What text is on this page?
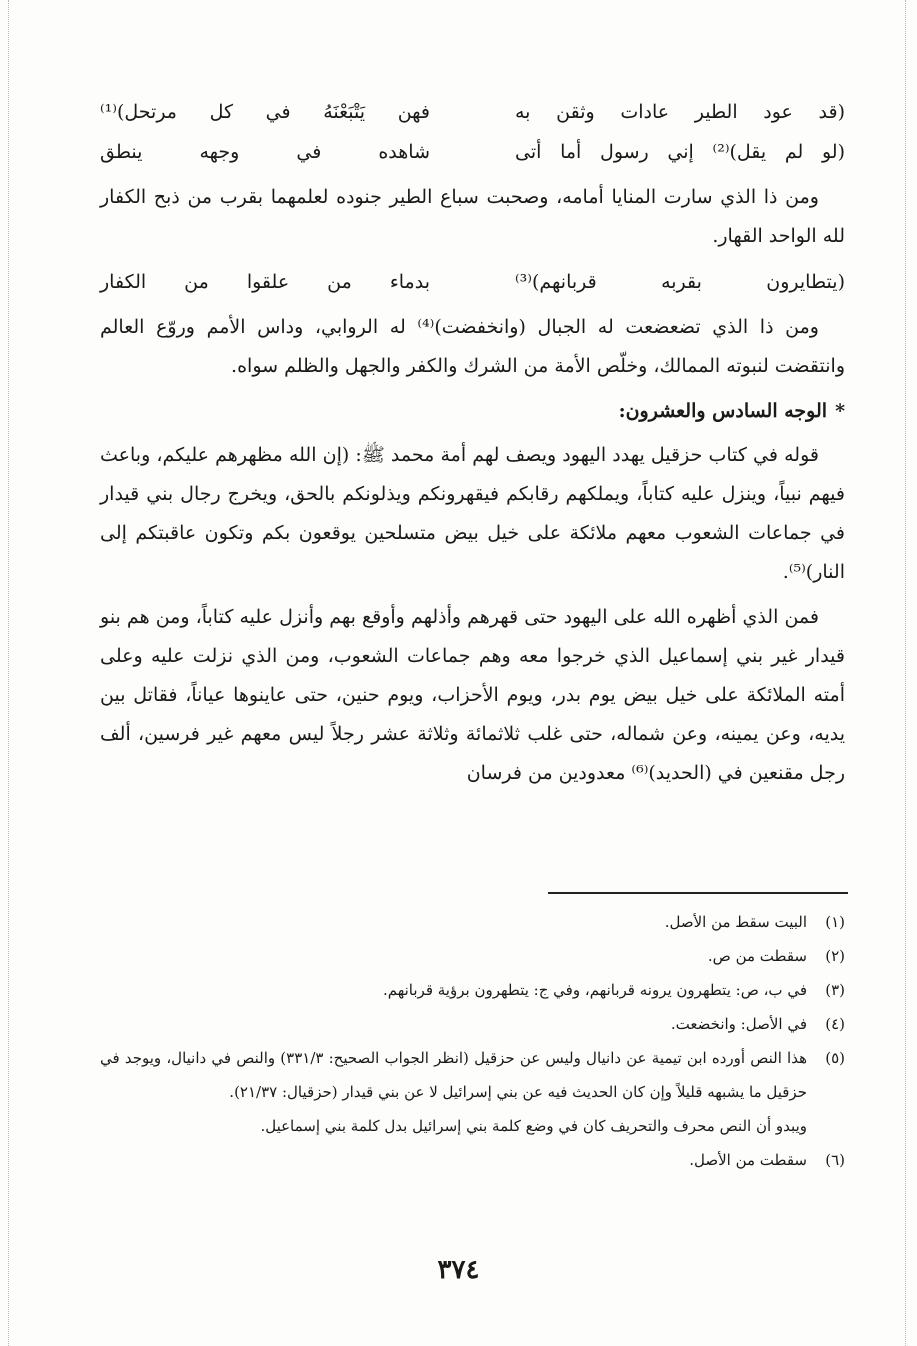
(قد عود الطير عادات وثقن به
فهن يَتْبَعْنَهُ في كل مرتحل)⁽¹⁾
(لو لم يقل)⁽²⁾ إني رسول أما أتى
شاهده في وجهه ينطق

ومن ذا الذي سارت المنايا أمامه، وصحبت سباع الطير جنوده لعلمهما بقرب من ذبح الكفار لله الواحد القهار.

(يتطايرون بقربه قربانهم)⁽³⁾
بدماء من علقوا من الكفار

ومن ذا الذي تضعضعت له الجبال (وانخفضت)⁽⁴⁾ له الروابي، وداس الأمم وروّع العالم وانتقضت لنبوته الممالك، وخلّص الأمة من الشرك والكفر والجهل والظلم سواه.

*الوجه السادس والعشرون:

قوله في كتاب حزقيل يهدد اليهود ويصف لهم أمة محمد ﷺ: (إن الله مظهرهم عليكم، وباعث فيهم نبياً، وينزل عليه كتاباً، ويملكهم رقابكم فيقهرونكم ويذلونكم بالحق، ويخرج رجال بني قيدار في جماعات الشعوب معهم ملائكة على خيل بيض متسلحين يوقعون بكم وتكون عاقبتكم إلى النار)⁽⁵⁾.

فمن الذي أظهره الله على اليهود حتى قهرهم وأذلهم وأوقع بهم وأنزل عليه كتاباً، ومن هم بنو قيدار غير بني إسماعيل الذي خرجوا معه وهم جماعات الشعوب، ومن الذي نزلت عليه وعلى أمته الملائكة على خيل بيض يوم بدر، ويوم الأحزاب، ويوم حنين، حتى عاينوها عياناً، فقاتل بين يديه، وعن يمينه، وعن شماله، حتى غلب ثلاثمائة وثلاثة عشر رجلاً ليس معهم غير فرسين، ألف رجل مقنعين في (الحديد)⁽⁶⁾ معدودين من فرسان

(١)
البيت سقط من الأصل.
(٢)
سقطت من ص.
(٣)
في ب، ص: يتطهرون يرونه قربانهم، وفي ج: يتطهرون برؤية قربانهم.
(٤)
في الأصل: وانخضعت.
(٥)
هذا النص أورده ابن تيمية عن دانيال وليس عن حزقيل (انظر الجواب الصحيح: ٣٣١/٣) والنص في دانيال، ويوجد في حزقيل ما يشبهه قليلاً وإن كان الحديث فيه عن بني إسرائيل لا عن بني قيدار (حزقيال: ٢١/٣٧).
ويبدو أن النص محرف والتحريف كان في وضع كلمة بني إسرائيل بدل كلمة بني إسماعيل.
(٦)
سقطت من الأصل.
٣٧٤
